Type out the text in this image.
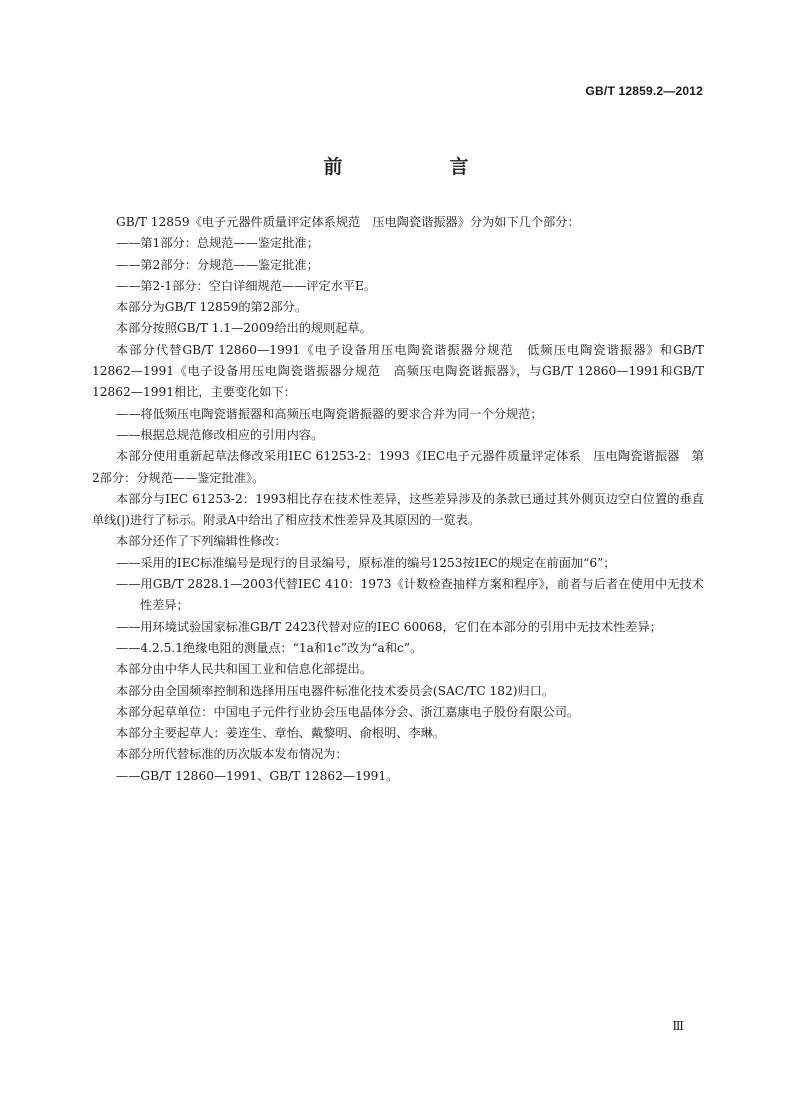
GB/T 12859.2—2012
前　言

GB/T 12859《电子元器件质量评定体系规范　压电陶瓷谐振器》分为如下几个部分：

——第1部分：总规范——鉴定批准；

——第2部分：分规范——鉴定批准；

——第2-1部分：空白详细规范——评定水平E。

本部分为GB/T 12859的第2部分。

本部分按照GB/T 1.1—2009给出的规则起草。

本部分代替GB/T 12860—1991《电子设备用压电陶瓷谐振器分规范　低频压电陶瓷谐振器》和GB/T 12862—1991《电子设备用压电陶瓷谐振器分规范　高频压电陶瓷谐振器》，与GB/T 12860—1991和GB/T 12862—1991相比，主要变化如下：

——将低频压电陶瓷谐振器和高频压电陶瓷谐振器的要求合并为同一个分规范；

——根据总规范修改相应的引用内容。

本部分使用重新起草法修改采用IEC 61253-2：1993《IEC电子元器件质量评定体系　压电陶瓷谐振器　第2部分：分规范——鉴定批准》。

本部分与IEC 61253-2：1993相比存在技术性差异，这些差异涉及的条款已通过其外侧页边空白位置的垂直单线(|)进行了标示。附录A中给出了相应技术性差异及其原因的一览表。

本部分还作了下列编辑性修改：

——采用的IEC标准编号是现行的目录编号，原标准的编号1253按IEC的规定在前面加“6”；

——用GB/T 2828.1—2003代替IEC 410：1973《计数检查抽样方案和程序》，前者与后者在使用中无技术性差异；

——用环境试验国家标准GB/T 2423代替对应的IEC 60068，它们在本部分的引用中无技术性差异；

——4.2.5.1绝缘电阻的测量点：“1a和1c”改为“a和c”。

本部分由中华人民共和国工业和信息化部提出。

本部分由全国频率控制和选择用压电器件标准化技术委员会(SAC/TC 182)归口。

本部分起草单位：中国电子元件行业协会压电晶体分会、浙江嘉康电子股份有限公司。

本部分主要起草人：姜连生、章怡、戴黎明、俞根明、李琳。

本部分所代替标准的历次版本发布情况为：

——GB/T 12860—1991、GB/T 12862—1991。

Ⅲ
